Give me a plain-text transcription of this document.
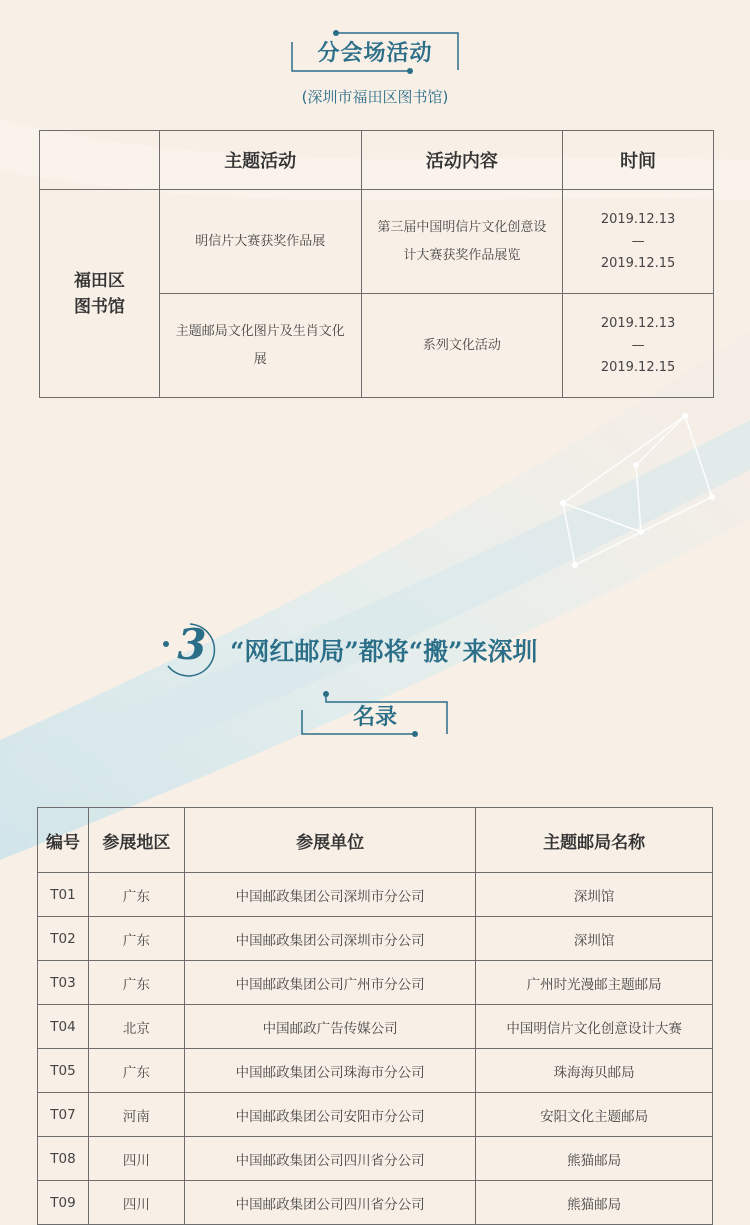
分会场活动
(深圳市福田区图书馆)
	主题活动	活动内容	时间

福田区图书馆	明信片大赛获奖作品展	第三届中国明信片文化创意设计大赛获奖作品展览	2019.12.13
—
2019.12.15

	主题邮局文化图片及生肖文化展	系列文化活动	2019.12.13
—
2019.12.15
3 “网红邮局”都将“搬”来深圳
名录
编号	参展地区	参展单位	主题邮局名称
T01	广东	中国邮政集团公司深圳市分公司	深圳馆
T02	广东	中国邮政集团公司深圳市分公司	深圳馆
T03	广东	中国邮政集团公司广州市分公司	广州时光漫邮主题邮局
T04	北京	中国邮政广告传媒公司	中国明信片文化创意设计大赛
T05	广东	中国邮政集团公司珠海市分公司	珠海海贝邮局
T07	河南	中国邮政集团公司安阳市分公司	安阳文化主题邮局
T08	四川	中国邮政集团公司四川省分公司	熊猫邮局
T09	四川	中国邮政集团公司四川省分公司	熊猫邮局
